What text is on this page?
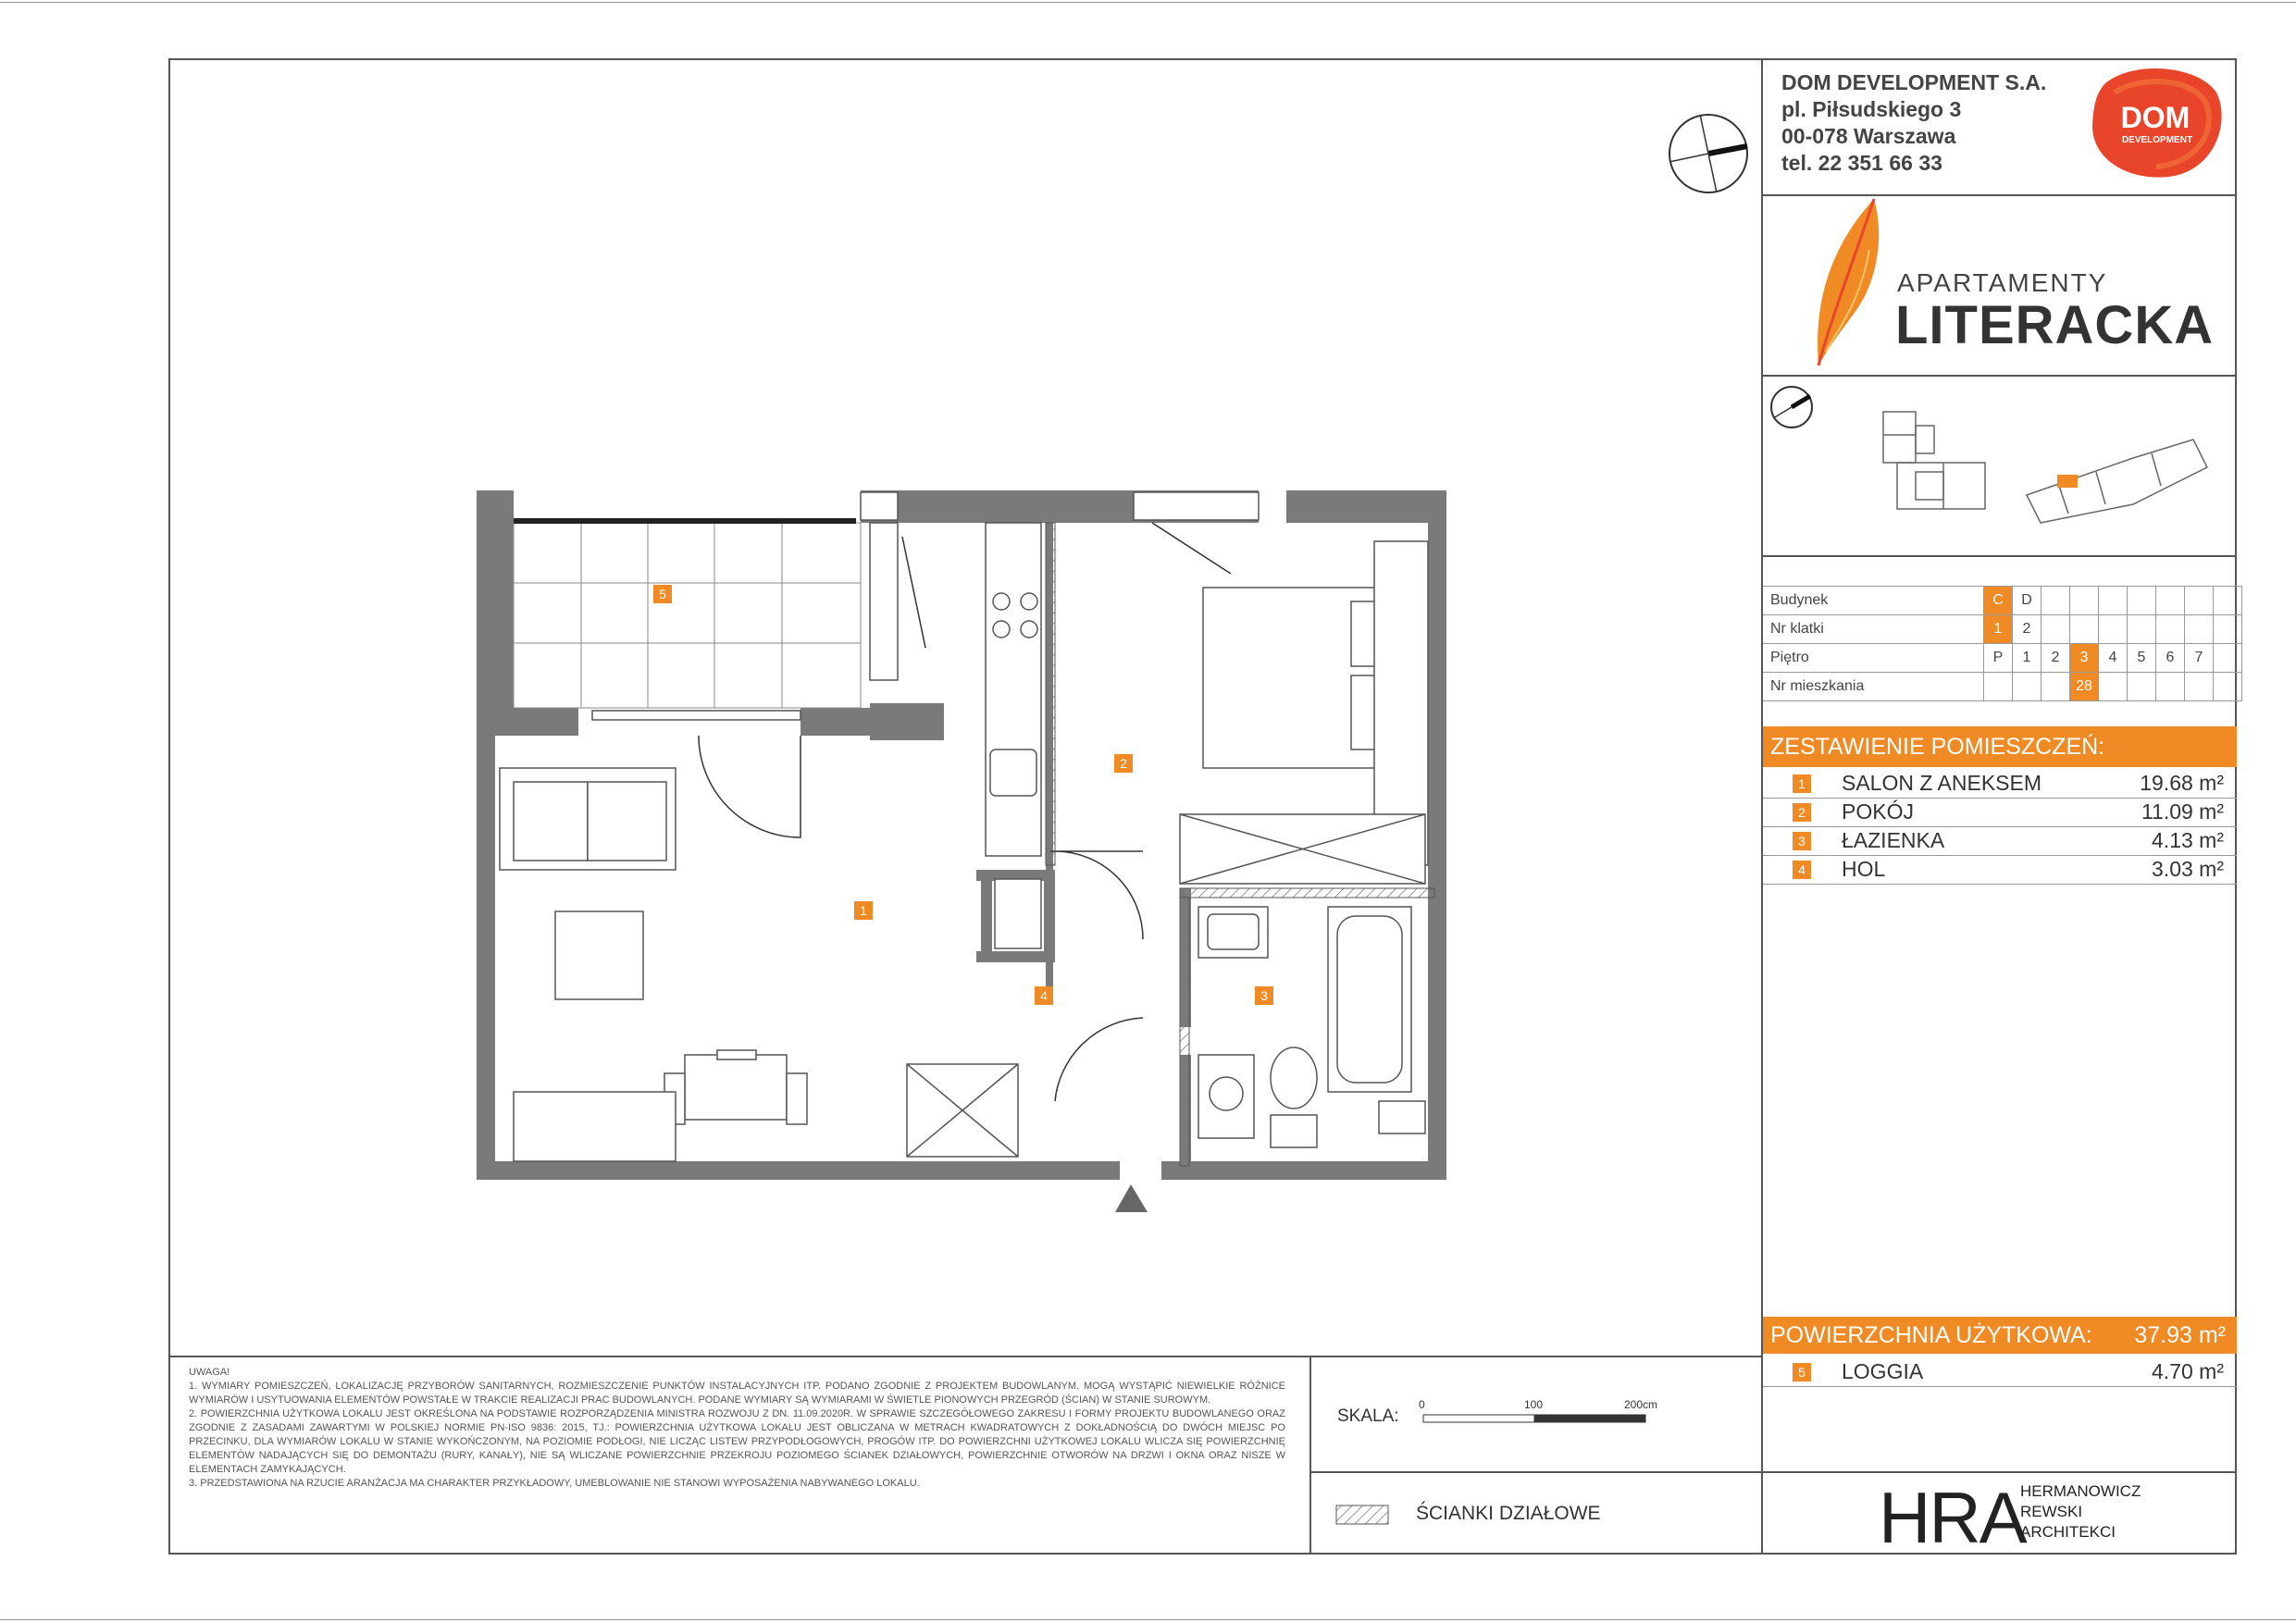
DOM DEVELOPMENT S.A.
pl. Piłsudskiego 3
00-078 Warszawa
tel. 22 351 66 33
DOM
DEVELOPMENT
APARTAMENTY
LITERACKA
Budynek	C	D							
Nr klatki	1	2							
Piętro	P	1	2	3	4	5	6	7	
Nr mieszkania				28					
ZESTAWIENIE POMIESZCZEŃ:
1 SALON Z ANEKSEM	19.68 m²
2 POKÓJ	11.09 m²
3 ŁAZIENKA	4.13 m²
4 HOL	3.03 m²
POWIERZCHNIA UŻYTKOWA: 37.93 m²
5 LOGGIA	4.70 m²
5
2
1
4	3
UWAGA!
1. WYMIARY POMIESZCZEŃ, LOKALIZACJĘ PRZYBORÓW SANITARNYCH, ROZMIESZCZENIE PUNKTÓW INSTALACYJNYCH ITP. PODANO ZGODNIE Z PROJEKTEM BUDOWLANYM. MOGĄ WYSTĄPIĆ NIEWIELKIE RÓŻNICE WYMIARÓW I USYTUOWANIA ELEMENTÓW POWSTAŁE W TRAKCIE REALIZACJI PRAC BUDOWLANYCH. PODANE WYMIARY SĄ WYMIARAMI W ŚWIETLE PIONOWYCH PRZEGRÓD (ŚCIAN) W STANIE SUROWYM.
2. POWIERZCHNIA UŻYTKOWA LOKALU JEST OKREŚLONA NA PODSTAWIE ROZPORZĄDZENIA MINISTRA ROZWOJU Z DN. 11.09.2020R. W SPRAWIE SZCZEGÓŁOWEGO ZAKRESU I FORMY PROJEKTU BUDOWLANEGO ORAZ ZGODNIE Z ZASADAMI ZAWARTYMI W POLSKIEJ NORMIE PN-ISO 9836: 2015, TJ.: POWIERZCHNIA UŻYTKOWA LOKALU JEST OBLICZANA W METRACH KWADRATOWYCH Z DOKŁADNOŚCIĄ DO DWÓCH MIEJSC PO PRZECINKU, DLA WYMIARÓW LOKALU W STANIE WYKOŃCZONYM, NA POZIOMIE PODŁOGI, NIE LICZĄC LISTEW PRZYPODŁOGOWYCH, PROGÓW ITP. DO POWIERZCHNI UŻYTKOWEJ LOKALU WLICZA SIĘ POWIERZCHNIĘ ELEMENTÓW NADAJĄCYCH SIĘ DO DEMONTAŻU (RURY, KANAŁY), NIE SĄ WLICZANE POWIERZCHNIE PRZEKROJU POZIOMEGO ŚCIANEK DZIAŁOWYCH, POWIERZCHNIE OTWORÓW NA DRZWI I OKNA ORAZ NISZE W ELEMENTACH ZAMYKAJĄCYCH.
3. PRZEDSTAWIONA NA RZUCIE ARANŻACJA MA CHARAKTER PRZYKŁADOWY, UMEBLOWANIE NIE STANOWI WYPOSAŻENIA NABYWANEGO LOKALU.
SKALA:
0	100	200cm
ŚCIANKI DZIAŁOWE	HRA
HERMANOWICZ
REWSKI
ARCHITEKCI
